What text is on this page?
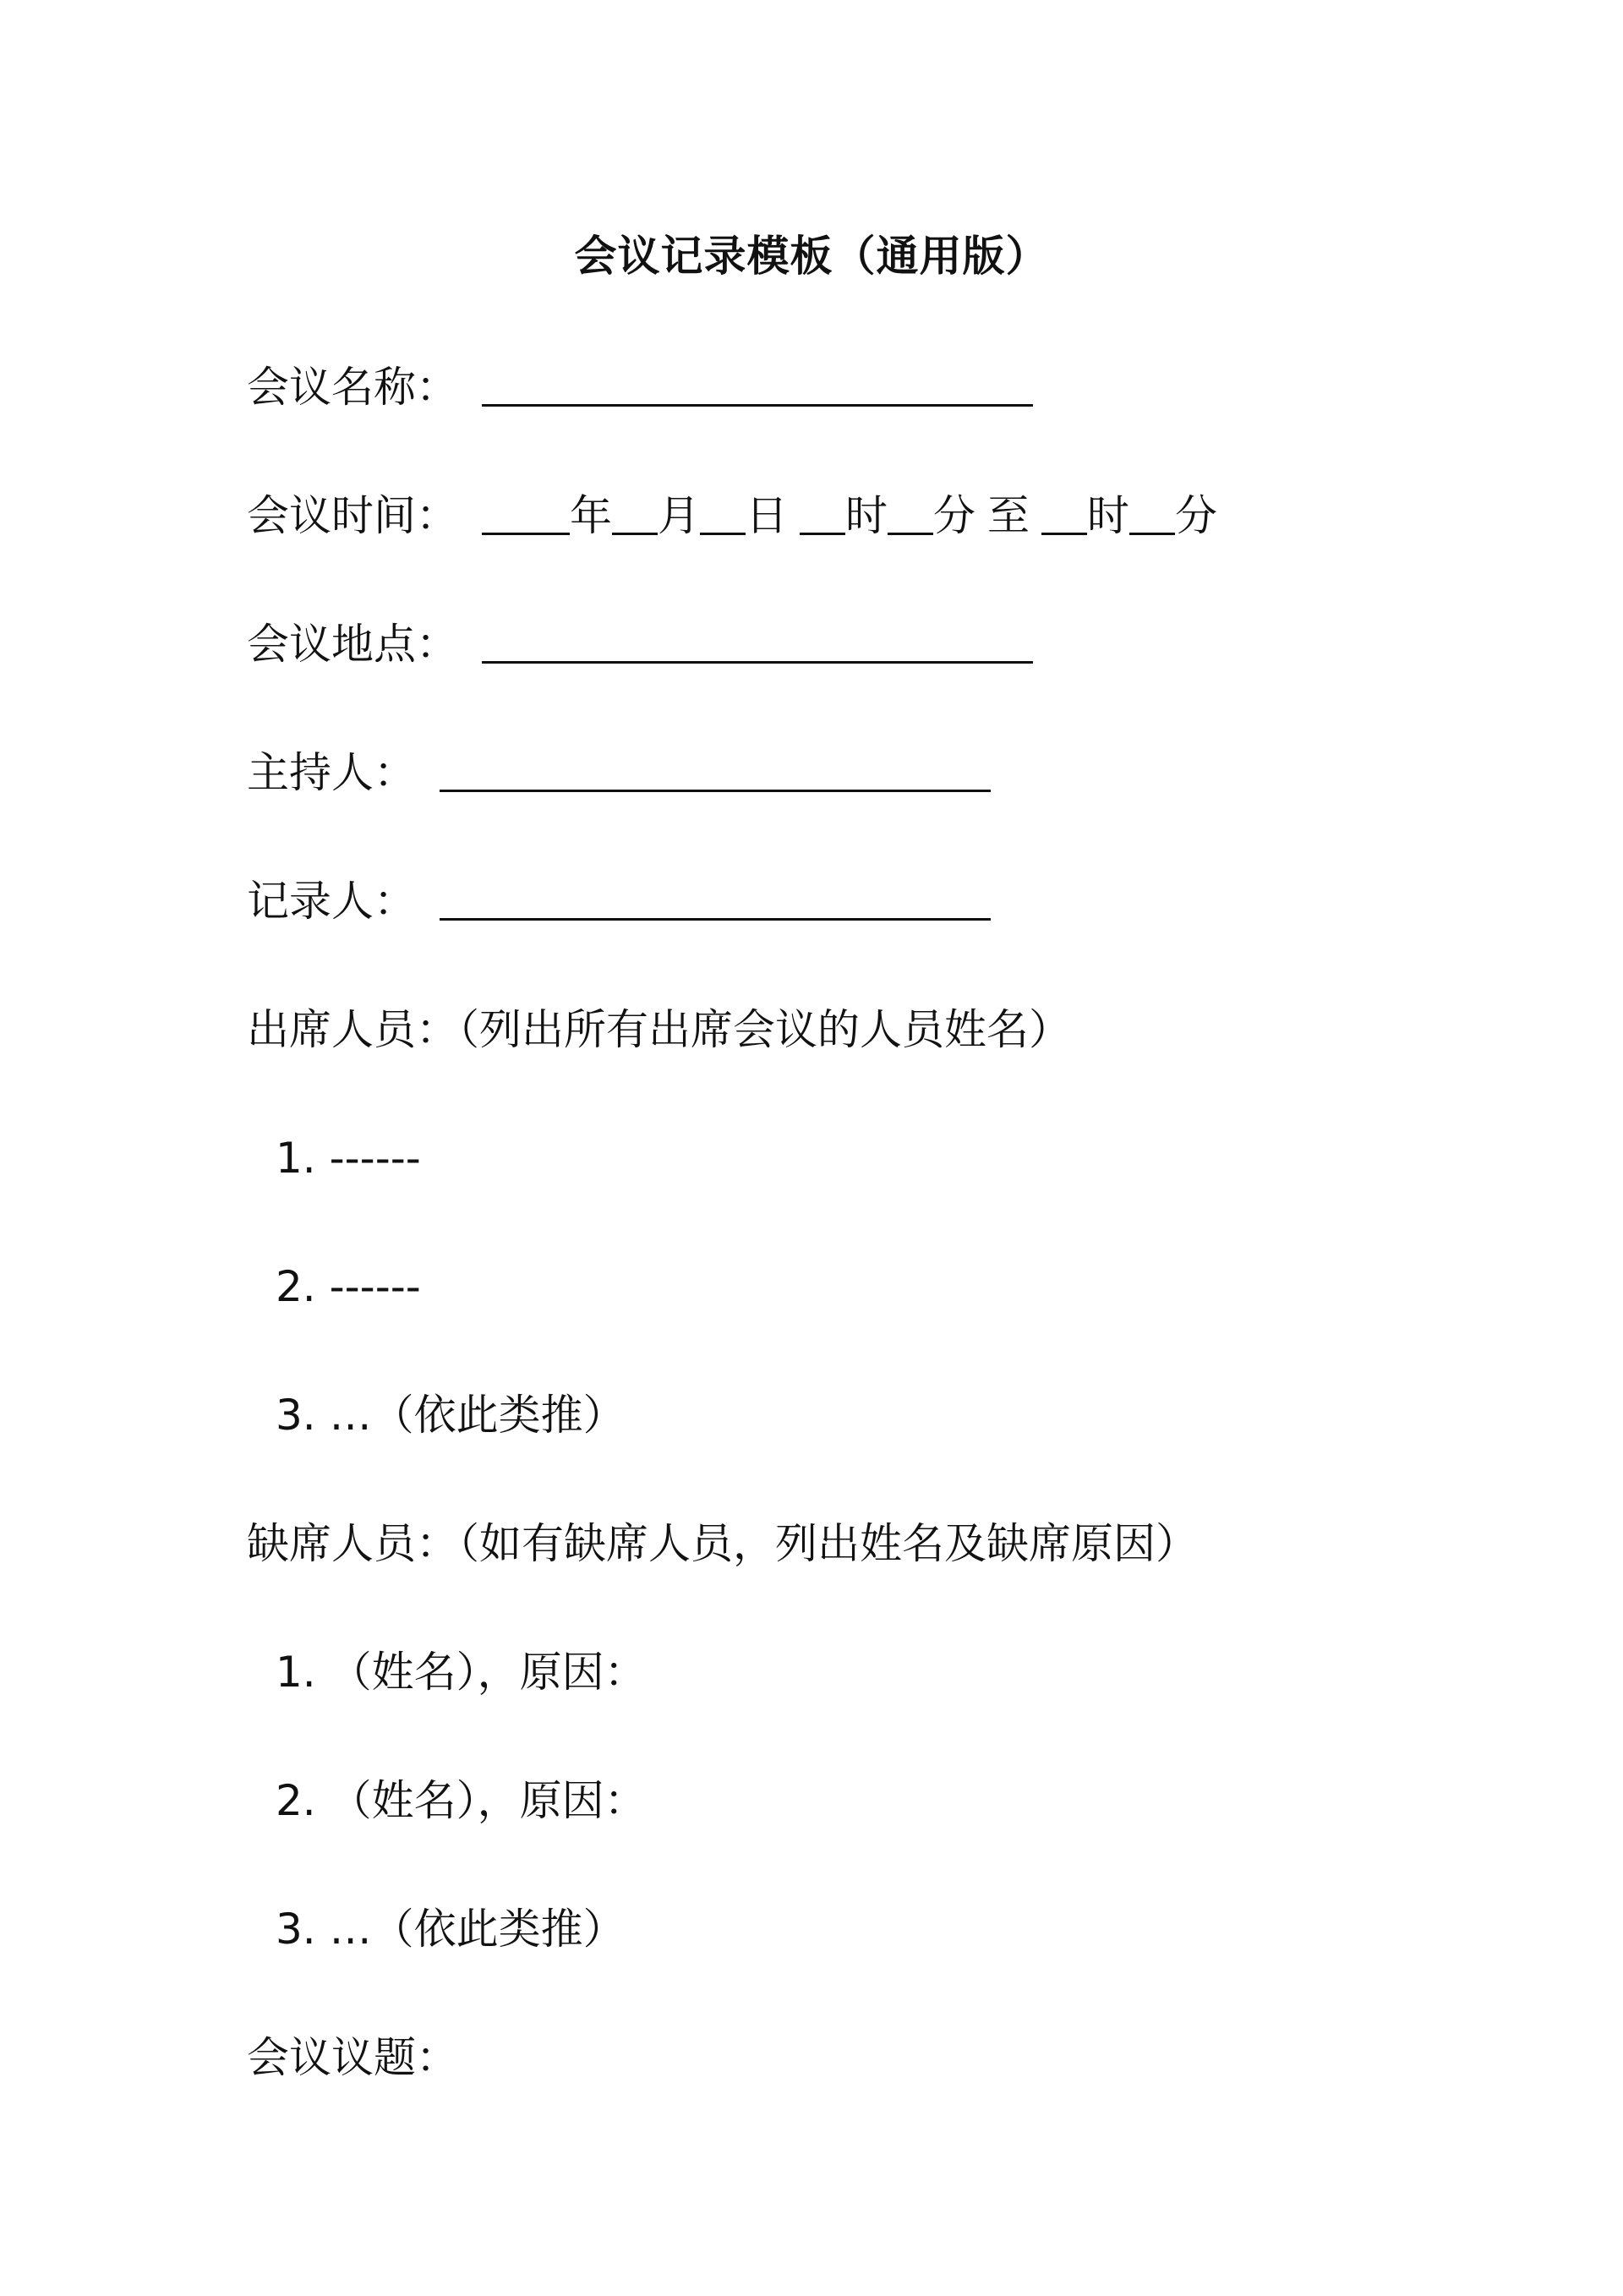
会议记录模板（通用版）
会议名称：
会议时间：	年 月 日 时 分 至 时 分
会议地点：
主持人：
记录人：
出席人员：（列出所有出席会议的人员姓名）
1. ------
2. ------
3. …（依此类推）
缺席人员：（如有缺席人员，列出姓名及缺席原因）
1. （姓名），原因：
2. （姓名），原因：
3. …（依此类推）
会议议题：
